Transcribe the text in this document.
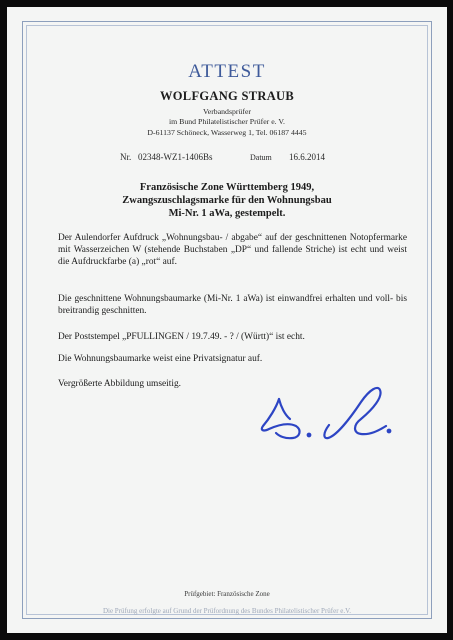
ATTEST
WOLFGANG STRAUB
Verbandsprüfer
im Bund Philatelistischer Prüfer e. V.
D-61137 Schöneck, Wasserweg 1, Tel. 06187 4445
Nr. 02348-WZ1-1406Bs	Datum 16.6.2014
Französische Zone Württemberg 1949,
Zwangszuschlagsmarke für den Wohnungsbau
Mi-Nr. 1 aWa, gestempelt.
Der Aulendorfer Aufdruck „Wohnungsbau- / abgabe“ auf der geschnittenen Notopfermarke mit Wasserzeichen W (stehende Buchstaben „DP“ und fallende Striche) ist echt und weist die Aufdruckfarbe (a) „rot“ auf.
Die geschnittene Wohnungsbaumarke (Mi-Nr. 1 aWa) ist einwandfrei erhalten und voll- bis breitrandig geschnitten.
Der Poststempel „PFULLINGEN / 19.7.49. - ? / (Württ)“ ist echt.
Die Wohnungsbaumarke weist eine Privatsignatur auf.
Vergrößerte Abbildung umseitig.
Prüfgebiet: Französische Zone
Die Prüfung erfolgte auf Grund der Prüfordnung des Bundes Philatelistischer Prüfer e.V.
